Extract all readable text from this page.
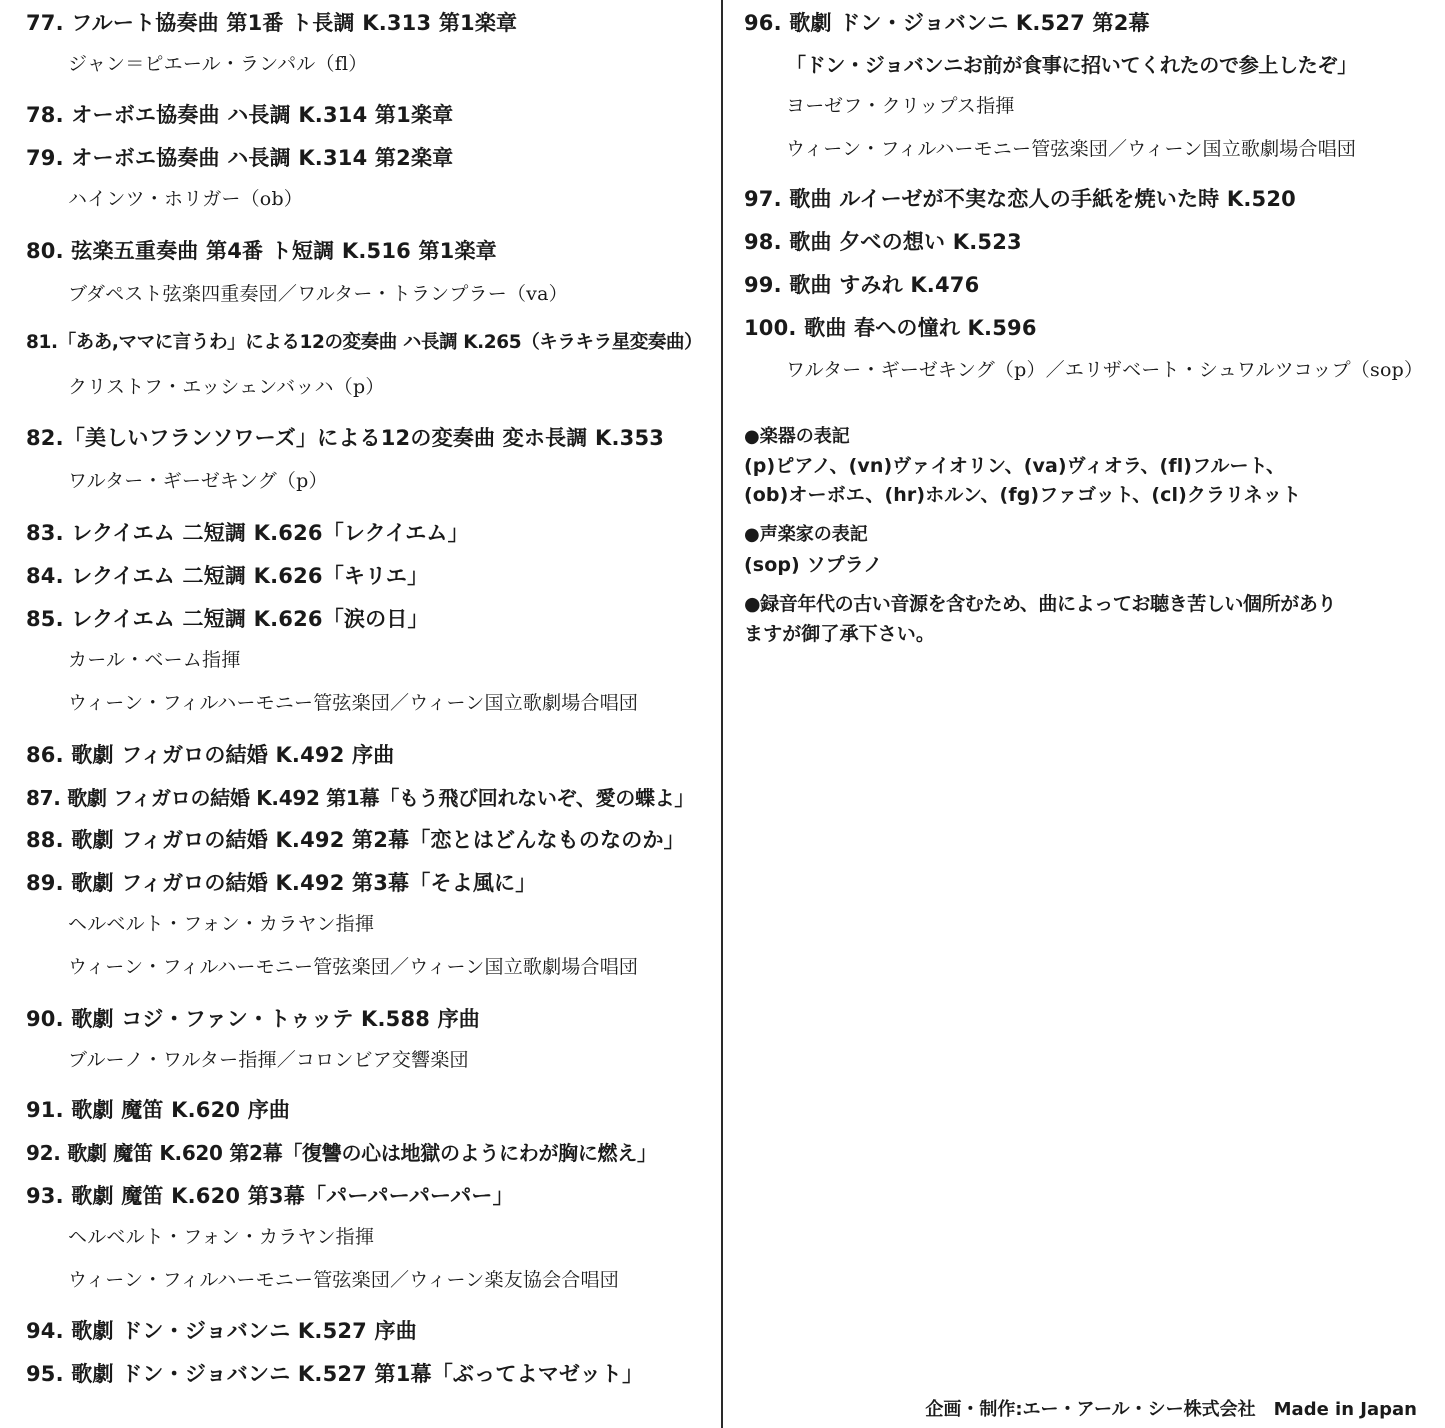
77. フルート協奏曲 第1番 ト長調 K.313 第1楽章
ジャン＝ピエール・ランパル（fl）
78. オーボエ協奏曲 ハ長調 K.314 第1楽章
79. オーボエ協奏曲 ハ長調 K.314 第2楽章
ハインツ・ホリガー（ob）
80. 弦楽五重奏曲 第4番 ト短調 K.516 第1楽章
ブダペスト弦楽四重奏団／ワルター・トランプラー（va）
81.「ああ,ママに言うわ」による12の変奏曲 ハ長調 K.265（キラキラ星変奏曲）
クリストフ・エッシェンバッハ（p）
82.「美しいフランソワーズ」による12の変奏曲 変ホ長調 K.353
ワルター・ギーゼキング（p）
83. レクイエム 二短調 K.626「レクイエム」
84. レクイエム 二短調 K.626「キリエ」
85. レクイエム 二短調 K.626「涙の日」
カール・ベーム指揮
ウィーン・フィルハーモニー管弦楽団／ウィーン国立歌劇場合唱団
86. 歌劇 フィガロの結婚 K.492 序曲
87. 歌劇 フィガロの結婚 K.492 第1幕「もう飛び回れないぞ、愛の蝶よ」
88. 歌劇 フィガロの結婚 K.492 第2幕「恋とはどんなものなのか」
89. 歌劇 フィガロの結婚 K.492 第3幕「そよ風に」
ヘルベルト・フォン・カラヤン指揮
ウィーン・フィルハーモニー管弦楽団／ウィーン国立歌劇場合唱団
90. 歌劇 コジ・ファン・トゥッテ K.588 序曲
ブルーノ・ワルター指揮／コロンビア交響楽団
91. 歌劇 魔笛 K.620 序曲
92. 歌劇 魔笛 K.620 第2幕「復讐の心は地獄のようにわが胸に燃え」
93. 歌劇 魔笛 K.620 第3幕「パーパーパーパー」
ヘルベルト・フォン・カラヤン指揮
ウィーン・フィルハーモニー管弦楽団／ウィーン楽友協会合唱団
94. 歌劇 ドン・ジョバンニ K.527 序曲
95. 歌劇 ドン・ジョバンニ K.527 第1幕「ぶってよマゼット」
96. 歌劇 ドン・ジョバンニ K.527 第2幕
「ドン・ジョバンニお前が食事に招いてくれたので参上したぞ」
ヨーゼフ・クリップス指揮
ウィーン・フィルハーモニー管弦楽団／ウィーン国立歌劇場合唱団
97. 歌曲 ルイーゼが不実な恋人の手紙を焼いた時 K.520
98. 歌曲 夕べの想い K.523
99. 歌曲 すみれ K.476
100. 歌曲 春への憧れ K.596
ワルター・ギーゼキング（p）／エリザベート・シュワルツコップ（sop）
●楽器の表記
(p)ピアノ、(vn)ヴァイオリン、(va)ヴィオラ、(fl)フルート、
(ob)オーボエ、(hr)ホルン、(fg)ファゴット、(cl)クラリネット
●声楽家の表記
(sop) ソプラノ
●録音年代の古い音源を含むため、曲によってお聴き苦しい個所があり
ますが御了承下さい。
企画・制作:エー・アール・シー株式会社　Made in Japan
